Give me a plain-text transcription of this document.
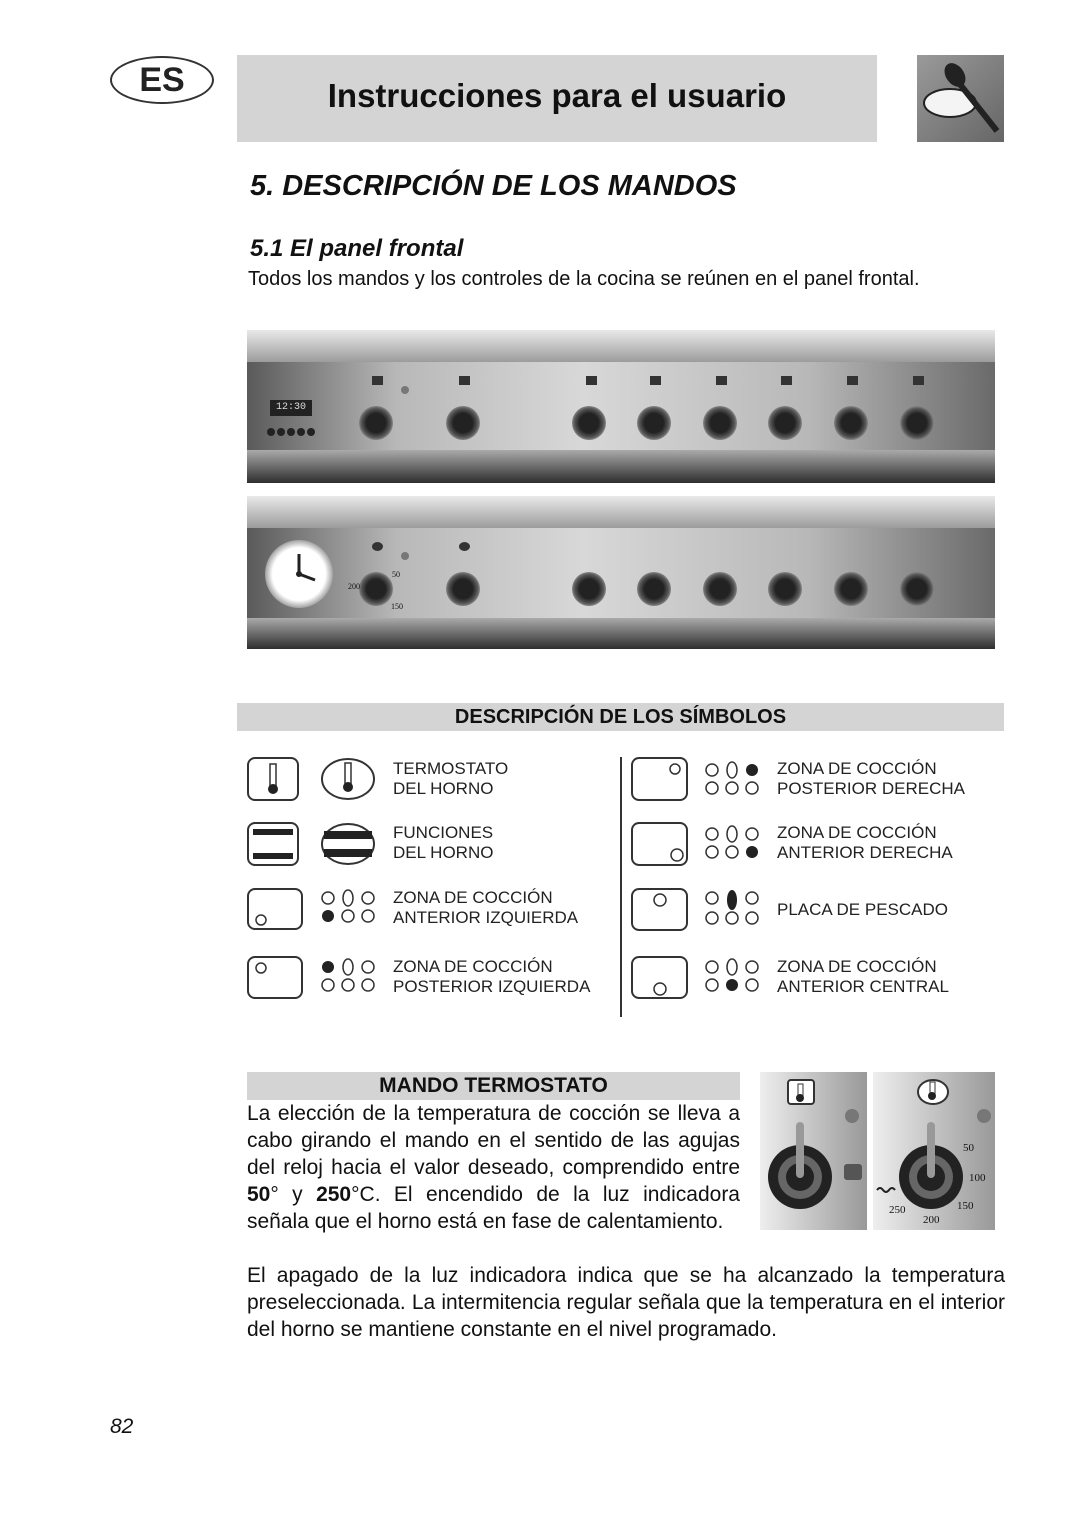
ES	Instrucciones para el usuario
5. DESCRIPCIÓN DE LOS MANDOS
5.1 El panel frontal
Todos los mandos y los controles de la cocina se reúnen en el panel frontal.
12:30
200
50
150
DESCRIPCIÓN DE LOS SÍMBOLOS
TERMOSTATO
DEL HORNO
FUNCIONES
DEL HORNO
ZONA DE COCCIÓN
ANTERIOR IZQUIERDA
ZONA DE COCCIÓN
POSTERIOR IZQUIERDA
ZONA DE COCCIÓN
POSTERIOR DERECHA
ZONA DE COCCIÓN
ANTERIOR DERECHA
PLACA DE PESCADO
ZONA DE COCCIÓN
ANTERIOR CENTRAL
MANDO TERMOSTATO
La elección de la temperatura de cocción se lleva a cabo girando el mando en el sentido de las agujas del reloj hacia el valor deseado, comprendido entre 50° y 250°C. El encendido de la luz indicadora señala que el horno está en fase de calentamiento.
50
100
150
200
250
El apagado de la luz indicadora indica que se ha alcanzado la temperatura preseleccionada. La intermitencia regular señala que la temperatura en el interior del horno se mantiene constante en el nivel programado.
82
